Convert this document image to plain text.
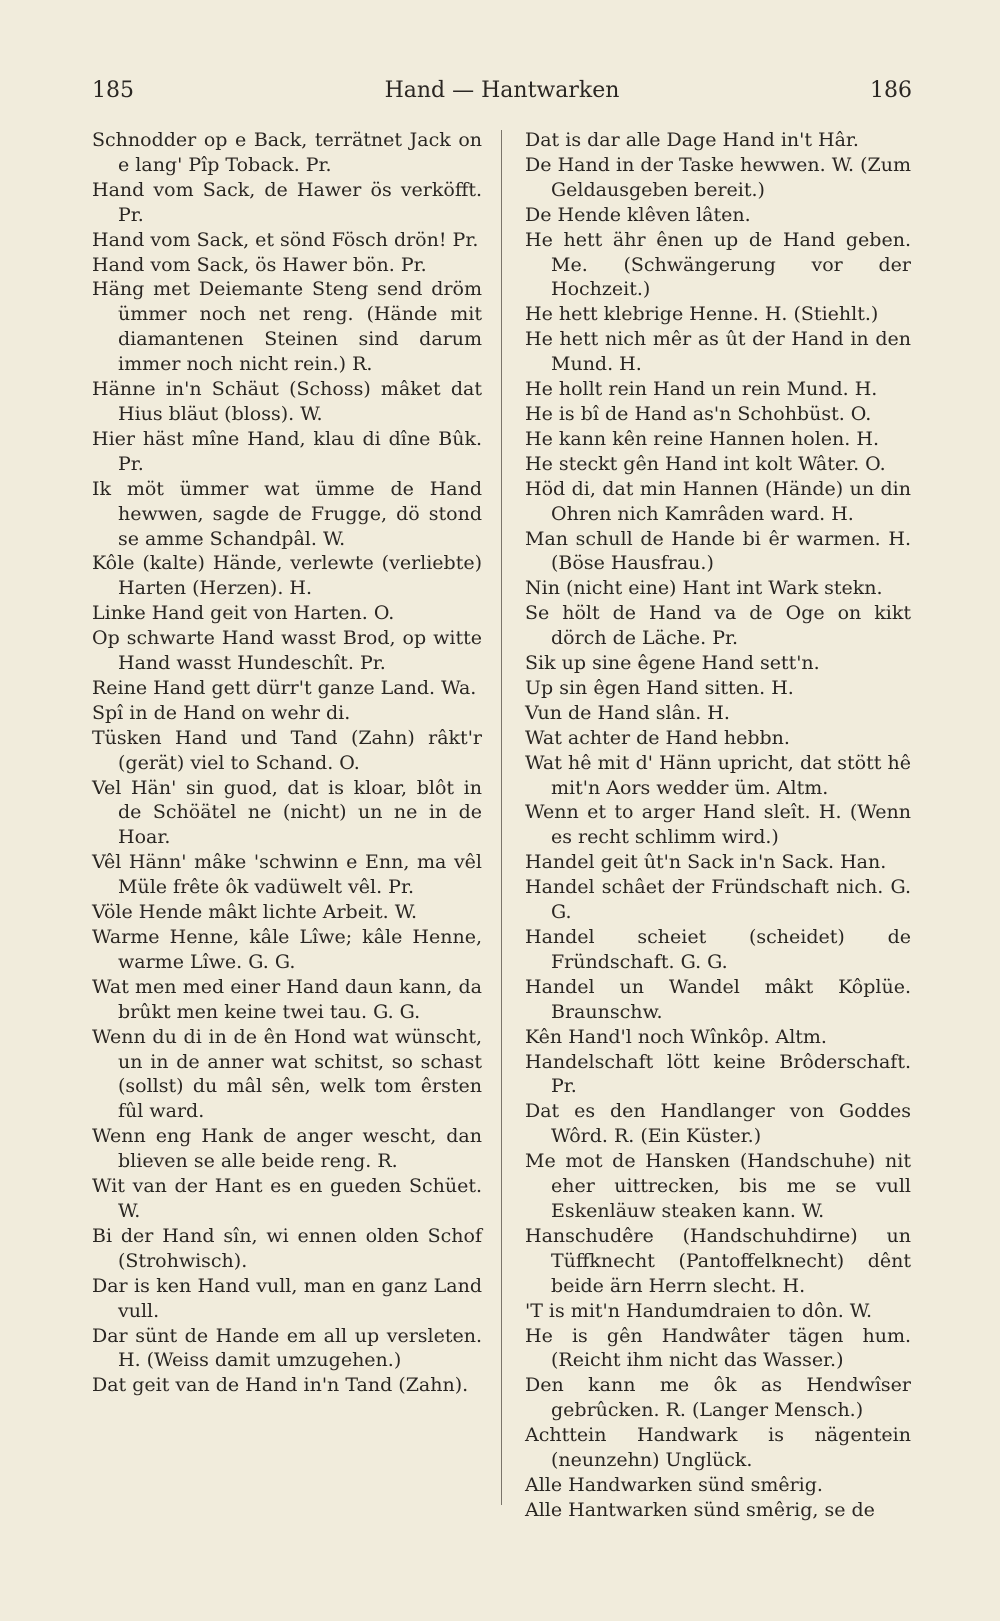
185	Hand — Hantwarken	186

Schnodder op e Back, terrätnet Jack on e lang' Pîp Toback. Pr.

Hand vom Sack, de Hawer ös verköfft. Pr.

Hand vom Sack, et sönd Fösch drön! Pr.

Hand vom Sack, ös Hawer bön. Pr.

Häng met Deiemante Steng send dröm ümmer noch net reng. (Hände mit diamantenen Steinen sind darum immer noch nicht rein.) R.

Hänne in'n Schäut (Schoss) mâket dat Hius bläut (bloss). W.

Hier häst mîne Hand, klau di dîne Bûk. Pr.

Ik möt ümmer wat ümme de Hand hewwen, sagde de Frugge, dö stond se amme Schandpâl. W.

Kôle (kalte) Hände, verlewte (verliebte) Harten (Herzen). H.

Linke Hand geit von Harten. O.

Op schwarte Hand wasst Brod, op witte Hand wasst Hundeschît. Pr.

Reine Hand gett dürr't ganze Land. Wa.

Spî in de Hand on wehr di.

Tüsken Hand und Tand (Zahn) râkt'r (gerät) viel to Schand. O.

Vel Hän' sin guod, dat is kloar, blôt in de Schöätel ne (nicht) un ne in de Hoar.

Vêl Hänn' mâke 'schwinn e Enn, ma vêl Müle frête ôk vadüwelt vêl. Pr.

Völe Hende mâkt lichte Arbeit. W.

Warme Henne, kâle Lîwe; kâle Henne, warme Lîwe. G. G.

Wat men med einer Hand daun kann, da brûkt men keine twei tau. G. G.

Wenn du di in de ên Hond wat wünscht, un in de anner wat schitst, so schast (sollst) du mâl sên, welk tom êrsten fûl ward.

Wenn eng Hank de anger wescht, dan blieven se alle beide reng. R.

Wit van der Hant es en gueden Schüet. W.

Bi der Hand sîn, wi ennen olden Schof (Strohwisch).

Dar is ken Hand vull, man en ganz Land vull.

Dar sünt de Hande em all up versleten. H. (Weiss damit umzugehen.)

Dat geit van de Hand in'n Tand (Zahn).

Dat is dar alle Dage Hand in't Hâr.

De Hand in der Taske hewwen. W. (Zum Geldausgeben bereit.)

De Hende klêven lâten.

He hett ähr ênen up de Hand geben. Me. (Schwängerung vor der Hochzeit.)

He hett klebrige Henne. H. (Stiehlt.)

He hett nich mêr as ût der Hand in den Mund. H.

He hollt rein Hand un rein Mund. H.

He is bî de Hand as'n Schohbüst. O.

He kann kên reine Hannen holen. H.

He steckt gên Hand int kolt Wâter. O.

Höd di, dat min Hannen (Hände) un din Ohren nich Kamrâden ward. H.

Man schull de Hande bi êr warmen. H. (Böse Hausfrau.)

Nin (nicht eine) Hant int Wark stekn.

Se hölt de Hand va de Oge on kikt dörch de Läche. Pr.

Sik up sine êgene Hand sett'n.

Up sin êgen Hand sitten. H.

Vun de Hand slân. H.

Wat achter de Hand hebbn.

Wat hê mit d' Hänn upricht, dat stött hê mit'n Aors wedder üm. Altm.

Wenn et to arger Hand sleît. H. (Wenn es recht schlimm wird.)

Handel geit ût'n Sack in'n Sack. Han.

Handel schâet der Fründschaft nich. G. G.

Handel scheiet (scheidet) de Fründschaft. G. G.

Handel un Wandel mâkt Kôplüe. Braunschw.

Kên Hand'l noch Wînkôp. Altm.

Handelschaft lött keine Brôderschaft. Pr.

Dat es den Handlanger von Goddes Wôrd. R. (Ein Küster.)

Me mot de Hansken (Handschuhe) nit eher uittrecken, bis me se vull Eskenläuw steaken kann. W.

Hanschudêre (Handschuhdirne) un Tüffknecht (Pantoffelknecht) dênt beide ärn Herrn slecht. H.

'T is mit'n Handumdraien to dôn. W.

He is gên Handwâter tägen hum. (Reicht ihm nicht das Wasser.)

Den kann me ôk as Hendwîser gebrûcken. R. (Langer Mensch.)

Achttein Handwark is nägentein (neunzehn) Unglück.

Alle Handwarken sünd smêrig.

Alle Hantwarken sünd smêrig, se de
